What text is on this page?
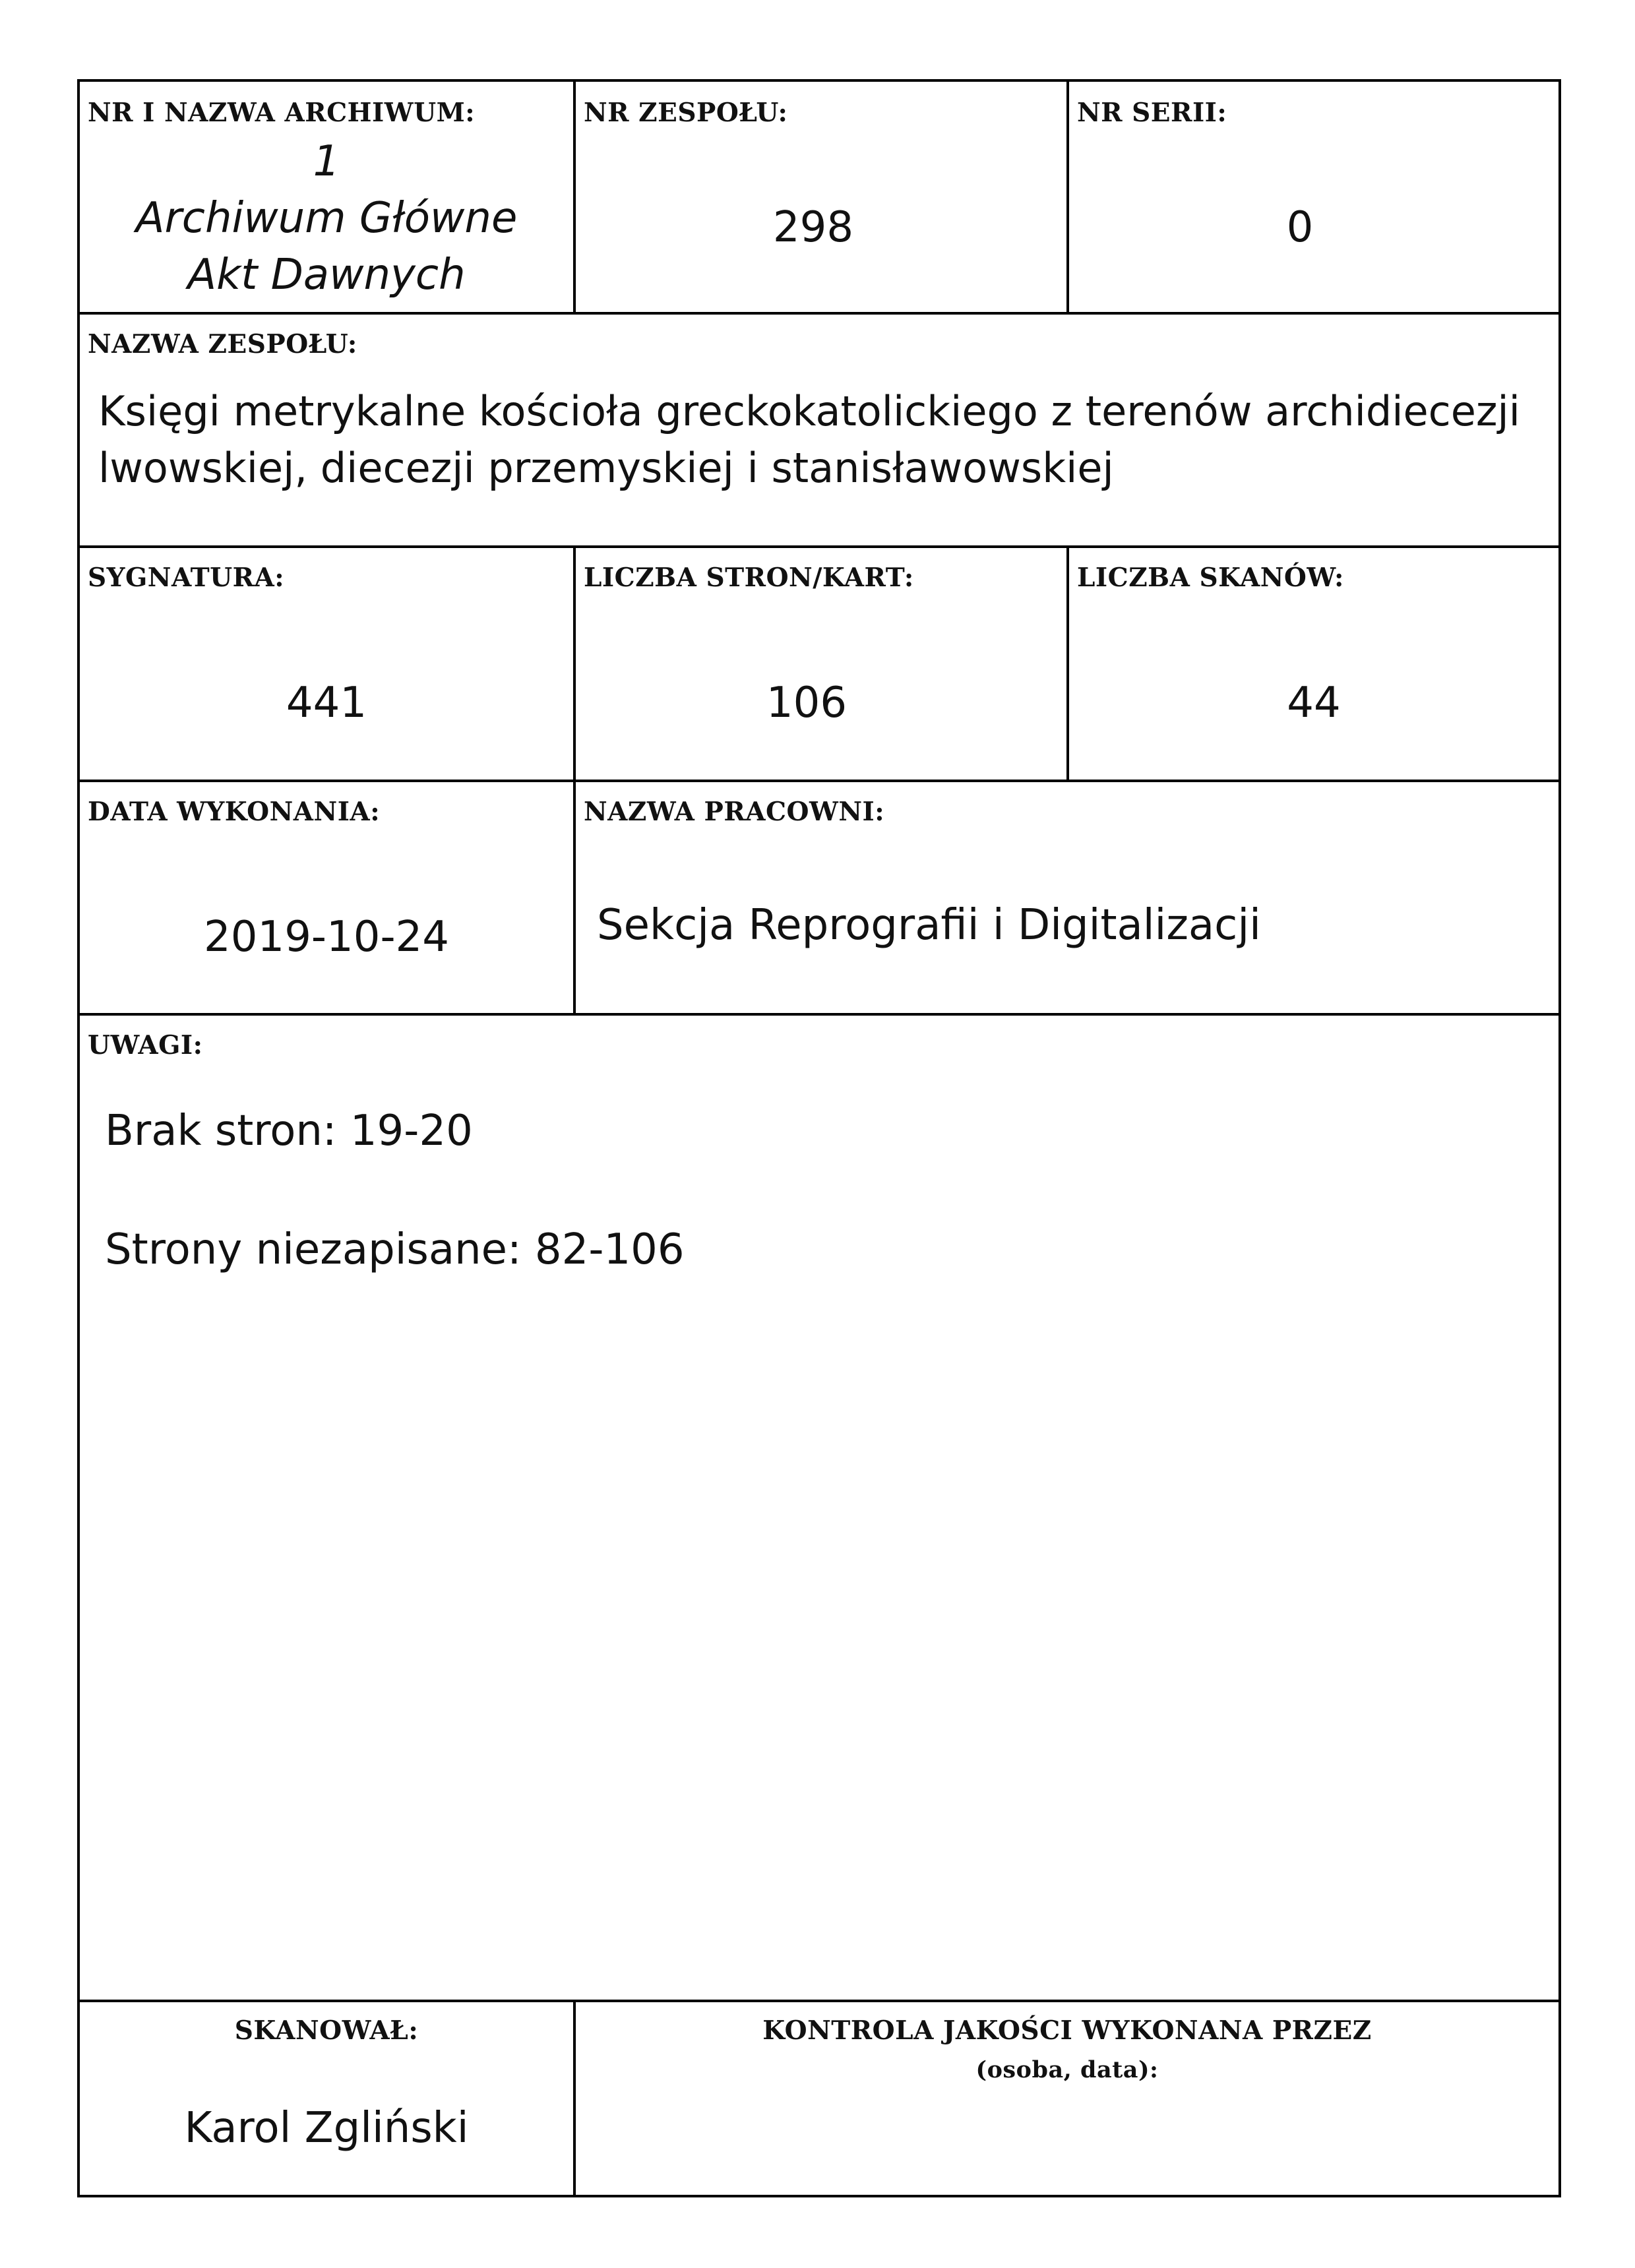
NR I NAZWA ARCHIWUM:
1
Archiwum Główne
Akt Dawnych
NR ZESPOŁU:
298
NR SERII:
0
NAZWA ZESPOŁU:
Księgi metrykalne kościoła greckokatolickiego z terenów archidiecezji
lwowskiej, diecezji przemyskiej i stanisławowskiej
SYGNATURA:
441
LICZBA STRON/KART:
106
LICZBA SKANÓW:
44
DATA WYKONANIA:
2019-10-24
NAZWA PRACOWNI:
Sekcja Reprografii i Digitalizacji
UWAGI:
Brak stron: 19-20
Strony niezapisane: 82-106
SKANOWAŁ:
Karol Zgliński
KONTROLA JAKOŚCI WYKONANA PRZEZ
(osoba, data):
